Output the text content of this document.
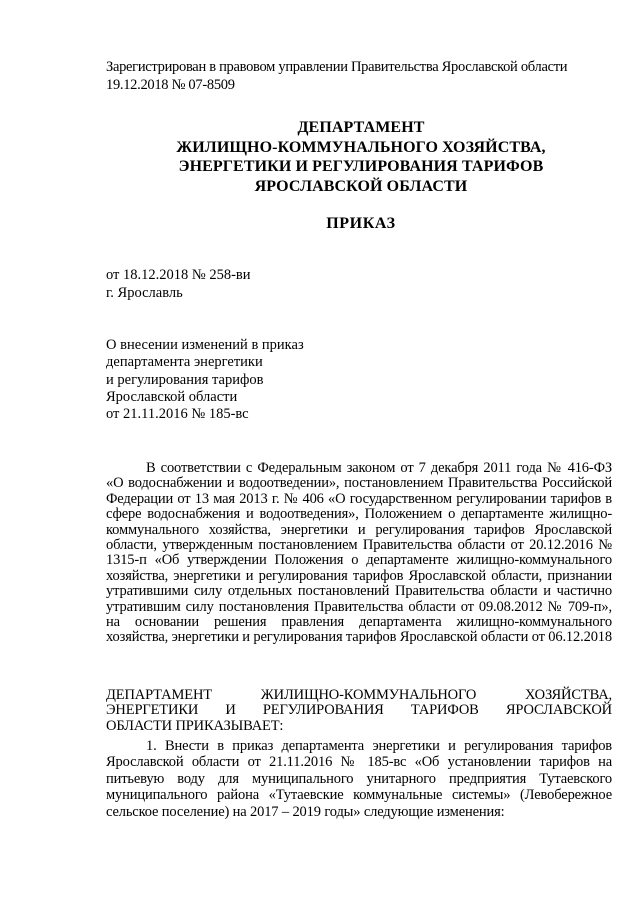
Зарегистрирован в правовом управлении Правительства Ярославской области
19.12.2018 № 07-8509
ДЕПАРТАМЕНТ
ЖИЛИЩНО-КОММУНАЛЬНОГО ХОЗЯЙСТВА,
ЭНЕРГЕТИКИ И РЕГУЛИРОВАНИЯ ТАРИФОВ
ЯРОСЛАВСКОЙ ОБЛАСТИ
ПРИКАЗ
от 18.12.2018 № 258-ви
г. Ярославль
О внесении изменений в приказ
департамента энергетики
и регулирования тарифов
Ярославской области
от 21.11.2016 № 185-вс

В соответствии с Федеральным законом от 7 декабря 2011 года № 416-ФЗ «О водоснабжении и водоотведении», постановлением Правительства Российской Федерации от 13 мая 2013 г. № 406 «О государственном регулировании тарифов в сфере водоснабжения и водоотведения», Положением о департаменте жилищно-коммунального хозяйства, энергетики и регулирования тарифов Ярославской области, утвержденным постановлением Правительства области от 20.12.2016 № 1315-п «Об утверждении Положения о департаменте жилищно-коммунального хозяйства, энергетики и регулирования тарифов Ярославской области, признании утратившими силу отдельных постановлений Правительства области и частично утратившим силу постановления Правительства области от 09.08.2012 № 709-п», на основании решения правления департамента жилищно-коммунального хозяйства, энергетики и регулирования тарифов Ярославской области от 06.12.2018

ДЕПАРТАМЕНТ ЖИЛИЩНО-КОММУНАЛЬНОГО ХОЗЯЙСТВА,

ЭНЕРГЕТИКИ И РЕГУЛИРОВАНИЯ ТАРИФОВ ЯРОСЛАВСКОЙ

ОБЛАСТИ ПРИКАЗЫВАЕТ:

1. Внести в приказ департамента энергетики и регулирования тарифов Ярославской области от 21.11.2016 № 185-вс «Об установлении тарифов на питьевую воду для муниципального унитарного предприятия Тутаевского муниципального района «Тутаевские коммунальные системы» (Левобережное сельское поселение) на 2017 – 2019 годы» следующие изменения:
